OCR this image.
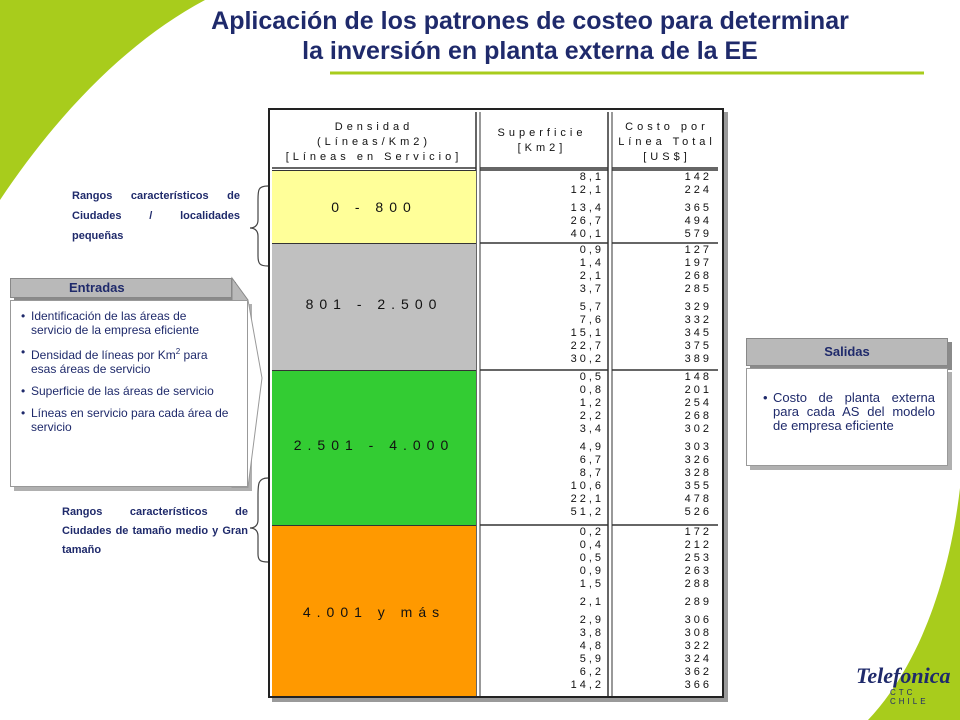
Aplicación de los patrones de costeo para determinar
la inversión en planta externa de la EE
Rangos característicos de Ciudades / localidades pequeñas
Rangos característicos de Ciudades de tamaño medio y Gran tamaño
Entradas
• Identificación de las áreas de servicio de la empresa eficiente
• Densidad de líneas por Km$^2$ para esas áreas de servicio
• Superficie de las áreas de servicio
• Líneas en servicio para cada área de servicio
Salidas
• Costo de planta externa para cada AS del modelo de empresa eficiente
Densidad
(Líneas/Km2)
[Líneas en Servicio]
Superficie
[Km2]
Costo por
Línea Total
[US$]
0 - 800
8,1
12,1
13,4
26,7
40,1
142
224
365
494
579
801 - 2.500
0,9
1,4
2,1
3,7
5,7
7,6
15,1
22,7
30,2
127
197
268
285
329
332
345
375
389
2.501 - 4.000
0,5
0,8
1,2
2,2
3,4
4,9
6,7
8,7
10,6
22,1
51,2
148
201
254
268
302
303
326
328
355
478
526
4.001 y más
0,2
0,4
0,5
0,9
1,5
2,1
2,9
3,8
4,8
5,9
6,2
14,2
172
212
253
263
288
289
306
308
322
324
362
366	Telefonica
CTC CHILE
